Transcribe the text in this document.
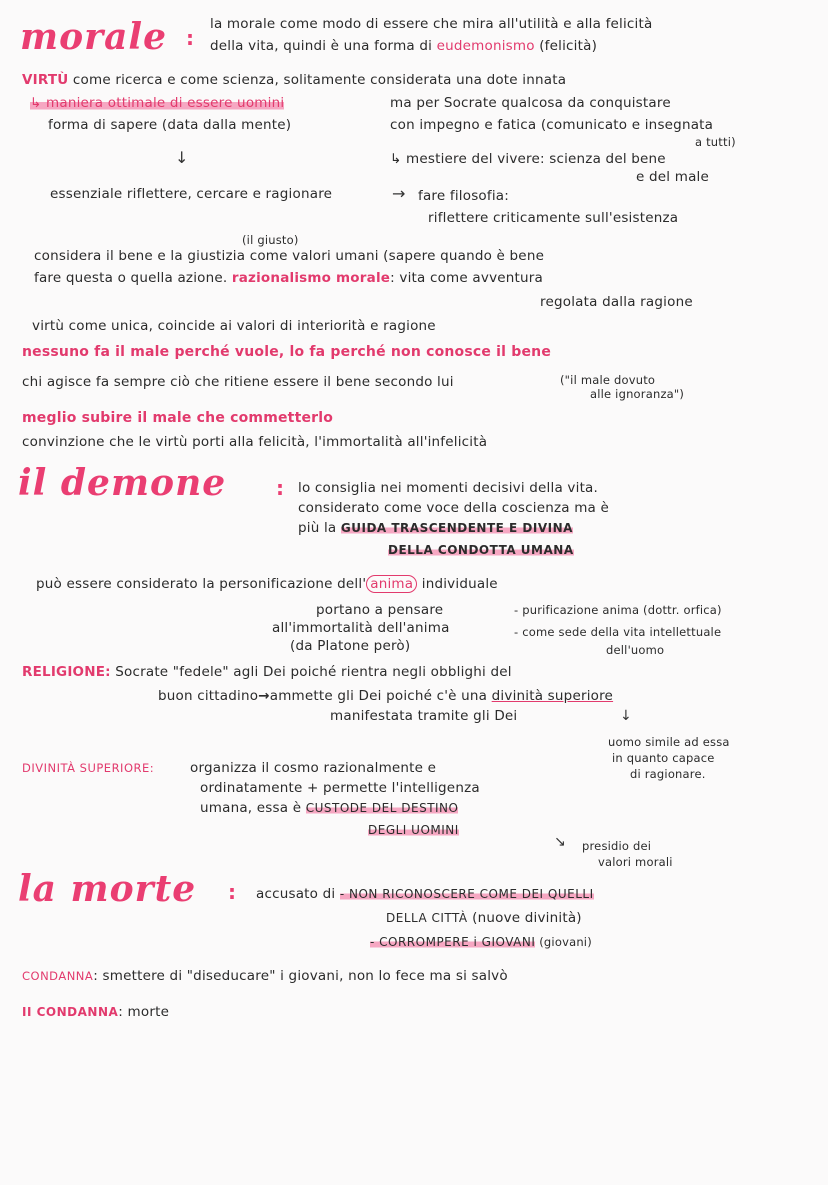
morale :
la morale come modo di essere che mira all'utilità e alla felicità
della vita, quindi è una forma di eudemonismo (felicità)
VIRTÙ come ricerca e come scienza, solitamente considerata una dote innata
↳ maniera ottimale di essere uomini
forma di sapere (data dalla mente)
ma per Socrate qualcosa da conquistare
con impegno e fatica (comunicato e insegnata
a tutti)
↳ mestiere del vivere: scienza del bene
e del male
↓
essenziale riflettere, cercare e ragionare	→ fare filosofia:
riflettere criticamente sull'esistenza
(il giusto)
considera il bene e la giustizia come valori umani (sapere quando è bene
fare questa o quella azione. razionalismo morale: vita come avventura
regolata dalla ragione
virtù come unica, coincide ai valori di interiorità e ragione
nessuno fa il male perché vuole, lo fa perché non conosce il bene
chi agisce fa sempre ciò che ritiene essere il bene secondo lui	("il male dovuto
alle ignoranza")
meglio subire il male che commetterlo
convinzione che le virtù porti alla felicità, l'immortalità all'infelicità
il demone : lo consiglia nei momenti decisivi della vita.
considerato come voce della coscienza ma è
più la GUIDA TRASCENDENTE E DIVINA
DELLA CONDOTTA UMANA
può essere considerato la personificazione dell' anima individuale
portano a pensare
all'immortalità dell'anima
(da Platone però)
- purificazione anima (dottr. orfica)
- come sede della vita intellettuale
dell'uomo
RELIGIONE: Socrate "fedele" agli Dei poiché rientra negli obblighi del
buon cittadino→ammette gli Dei poiché c'è una divinità superiore
manifestata tramite gli Dei	↓
uomo simile ad essa
in quanto capace
di ragionare.
DIVINITÀ SUPERIORE:	organizza il cosmo razionalmente e
ordinatamente + permette l'intelligenza
umana, essa è CUSTODE DEL DESTINO
DEGLI UOMINI
↘ presidio dei
valori morali
la morte : accusato di - NON RICONOSCERE COME DEI QUELLI
DELLA CITTÀ (nuove divinità)
- CORROMPERE i GIOVANI (giovani)
CONDANNA: smettere di "diseducare" i giovani, non lo fece ma si salvò
II CONDANNA: morte
